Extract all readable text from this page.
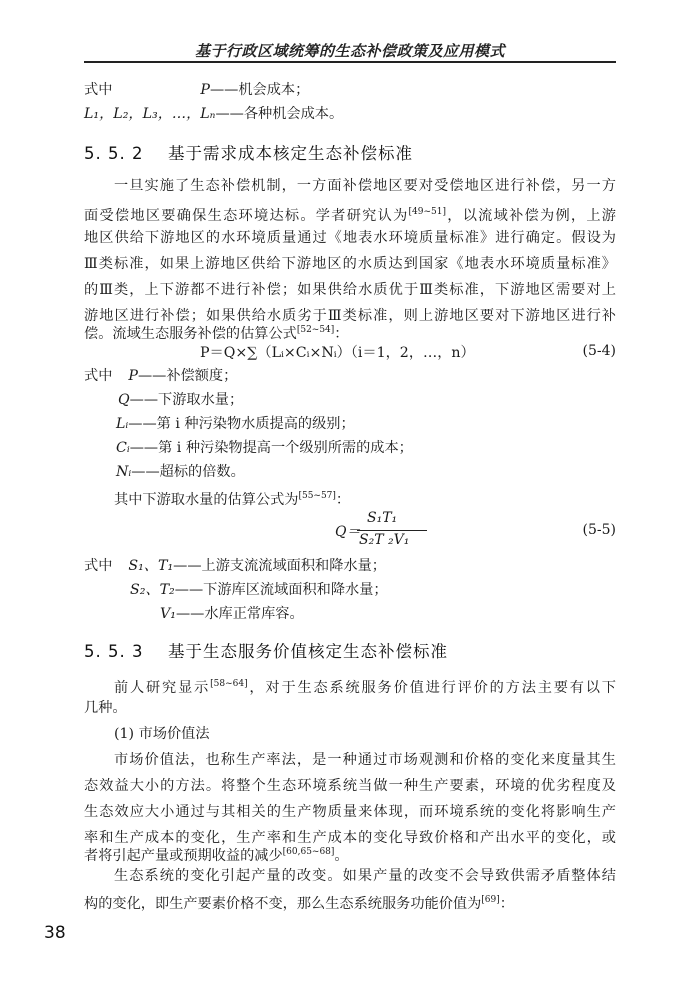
基于行政区域统筹的生态补偿政策及应用模式
式中	P——机会成本；
L₁，L₂，L₃，…，Lₙ——各种机会成本。
5. 5. 2 基于需求成本核定生态补偿标准
一旦实施了生态补偿机制，一方面补偿地区要对受偿地区进行补偿，另一方
面受偿地区要确保生态环境达标。学者研究认为[49~51]，以流域补偿为例，上游
地区供给下游地区的水环境质量通过《地表水环境质量标准》进行确定。假设为
Ⅲ类标准，如果上游地区供给下游地区的水质达到国家《地表水环境质量标准》
的Ⅲ类，上下游都不进行补偿；如果供给水质优于Ⅲ类标准，下游地区需要对上
游地区进行补偿；如果供给水质劣于Ⅲ类标准，则上游地区要对下游地区进行补
偿。流域生态服务补偿的估算公式[52~54]：
P＝Q×∑（Lᵢ×Cᵢ×Nᵢ）（i＝1，2，…，n）	(5-4)
式中 P——补偿额度；
Q——下游取水量；
Lᵢ——第 i 种污染物水质提高的级别；
Cᵢ——第 i 种污染物提高一个级别所需的成本；
Nᵢ——超标的倍数。
其中下游取水量的估算公式为[55~57]：
Q＝
S₁T₁
S₂T ₂V₁
(5-5)
式中 S₁、T₁——上游支流流域面积和降水量；
S₂、T₂——下游库区流域面积和降水量；
V₁——水库正常库容。
5. 5. 3 基于生态服务价值核定生态补偿标准
前人研究显示[58~64]，对于生态系统服务价值进行评价的方法主要有以下
几种。
(1) 市场价值法
市场价值法，也称生产率法，是一种通过市场观测和价格的变化来度量其生
态效益大小的方法。将整个生态环境系统当做一种生产要素，环境的优劣程度及
生态效应大小通过与其相关的生产物质量来体现，而环境系统的变化将影响生产
率和生产成本的变化，生产率和生产成本的变化导致价格和产出水平的变化，或
者将引起产量或预期收益的减少[60,65~68]。
生态系统的变化引起产量的改变。如果产量的改变不会导致供需矛盾整体结
构的变化，即生产要素价格不变，那么生态系统服务功能价值为[69]：
38
